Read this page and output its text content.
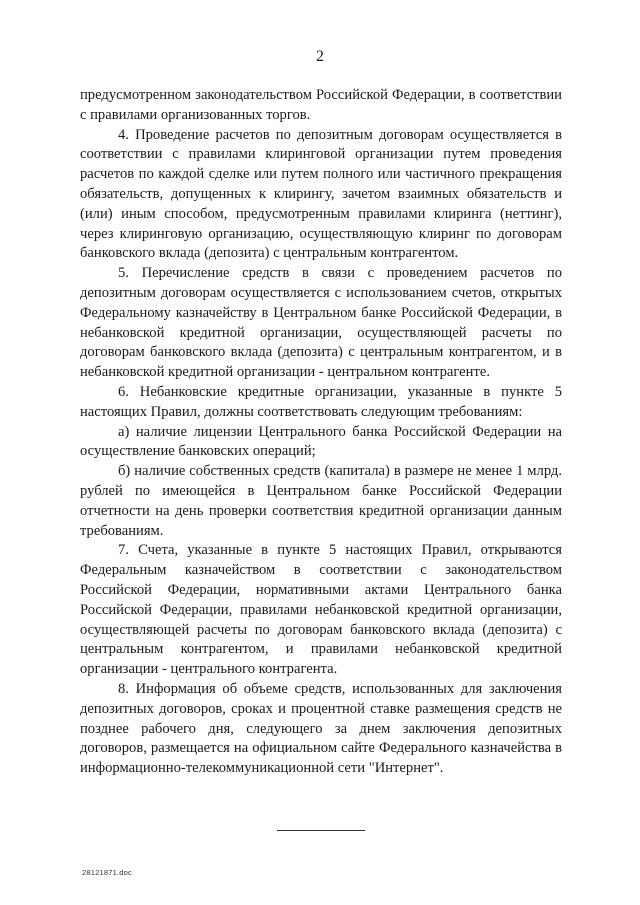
2

предусмотренном законодательством Российской Федерации, в соответствии с правилами организованных торгов.

4. Проведение расчетов по депозитным договорам осуществляется в соответствии с правилами клиринговой организации путем проведения расчетов по каждой сделке или путем полного или частичного прекращения обязательств, допущенных к клирингу, зачетом взаимных обязательств и (или) иным способом, предусмотренным правилами клиринга (неттинг), через клиринговую организацию, осуществляющую клиринг по договорам банковского вклада (депозита) с центральным контрагентом.

5. Перечисление средств в связи с проведением расчетов по депозитным договорам осуществляется с использованием счетов, открытых Федеральному казначейству в Центральном банке Российской Федерации, в небанковской кредитной организации, осуществляющей расчеты по договорам банковского вклада (депозита) с центральным контрагентом, и в небанковской кредитной организации - центральном контрагенте.

6. Небанковские кредитные организации, указанные в пункте 5 настоящих Правил, должны соответствовать следующим требованиям:

а) наличие лицензии Центрального банка Российской Федерации на осуществление банковских операций;

б) наличие собственных средств (капитала) в размере не менее 1 млрд. рублей по имеющейся в Центральном банке Российской Федерации отчетности на день проверки соответствия кредитной организации данным требованиям.

7. Счета, указанные в пункте 5 настоящих Правил, открываются Федеральным казначейством в соответствии с законодательством Российской Федерации, нормативными актами Центрального банка Российской Федерации, правилами небанковской кредитной организации, осуществляющей расчеты по договорам банковского вклада (депозита) с центральным контрагентом, и правилами небанковской кредитной организации - центрального контрагента.

8. Информация об объеме средств, использованных для заключения депозитных договоров, сроках и процентной ставке размещения средств не позднее рабочего дня, следующего за днем заключения депозитных договоров, размещается на официальном сайте Федерального казначейства в информационно-телекоммуникационной сети "Интернет".

28121871.doc
